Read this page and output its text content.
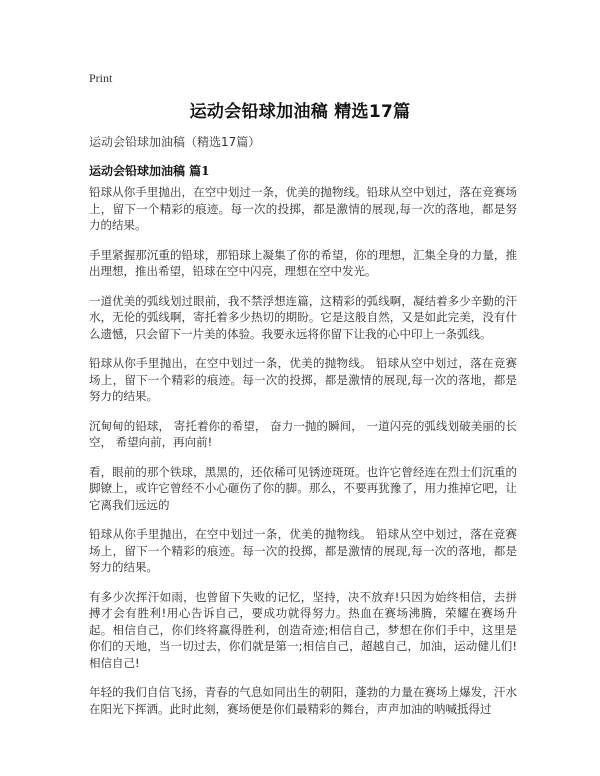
Print
运动会铅球加油稿 精选17篇
运动会铅球加油稿（精选17篇）
运动会铅球加油稿 篇1

铅球从你手里抛出，在空中划过一条，优美的抛物线。铅球从空中划过，落在竞赛场上，留下一个精彩的痕迹。每一次的投掷，都是激情的展现,每一次的落地，都是努力的结果。

手里紧握那沉重的铅球，那铅球上凝集了你的希望，你的理想，汇集全身的力量，推出理想，推出希望，铅球在空中闪亮，理想在空中发光。

一道优美的弧线划过眼前，我不禁浮想连篇，这精彩的弧线啊，凝结着多少辛勤的汗水，无伦的弧线啊，寄托着多少热切的期盼。它是这般自然，又是如此完美，没有什么遗憾，只会留下一片美的体验。我要永远将你留下让我的心中印上一条弧线。

铅球从你手里抛出，在空中划过一条，优美的抛物线。 铅球从空中划过，落在竞赛场上，留下一个精彩的痕迹。每一次的投掷，都是激情的展现,每一次的落地，都是努力的结果。

沉甸甸的铅球， 寄托着你的希望， 奋力一抛的瞬间， 一道闪亮的弧线划破美丽的长空， 希望向前，再向前!

看，眼前的那个铁球，黑黑的，还依稀可见锈迹斑斑。也许它曾经连在烈士们沉重的脚镣上，或许它曾经不小心砸伤了你的脚。那么，不要再犹豫了，用力推掉它吧，让它离我们远远的

铅球从你手里抛出，在空中划过一条，优美的抛物线。 铅球从空中划过，落在竞赛场上，留下一个精彩的痕迹。每一次的投掷，都是激情的展现,每一次的落地，都是努力的结果。

有多少次挥汗如雨，也曾留下失败的记忆，坚持，决不放弃!只因为始终相信，去拼搏才会有胜利!用心告诉自己，要成功就得努力。热血在赛场沸腾，荣耀在赛场升起。相信自己，你们终将赢得胜利，创造奇迹;相信自己，梦想在你们手中，这里是你们的天地，当一切过去，你们就是第一;相信自己，超越自己，加油，运动健儿们!相信自己!

年轻的我们自信飞扬，青春的气息如同出生的朝阳，蓬勃的力量在赛场上爆发，汗水在阳光下挥洒。此时此刻，赛场便是你们最精彩的舞台，声声加油的呐喊抵得过
